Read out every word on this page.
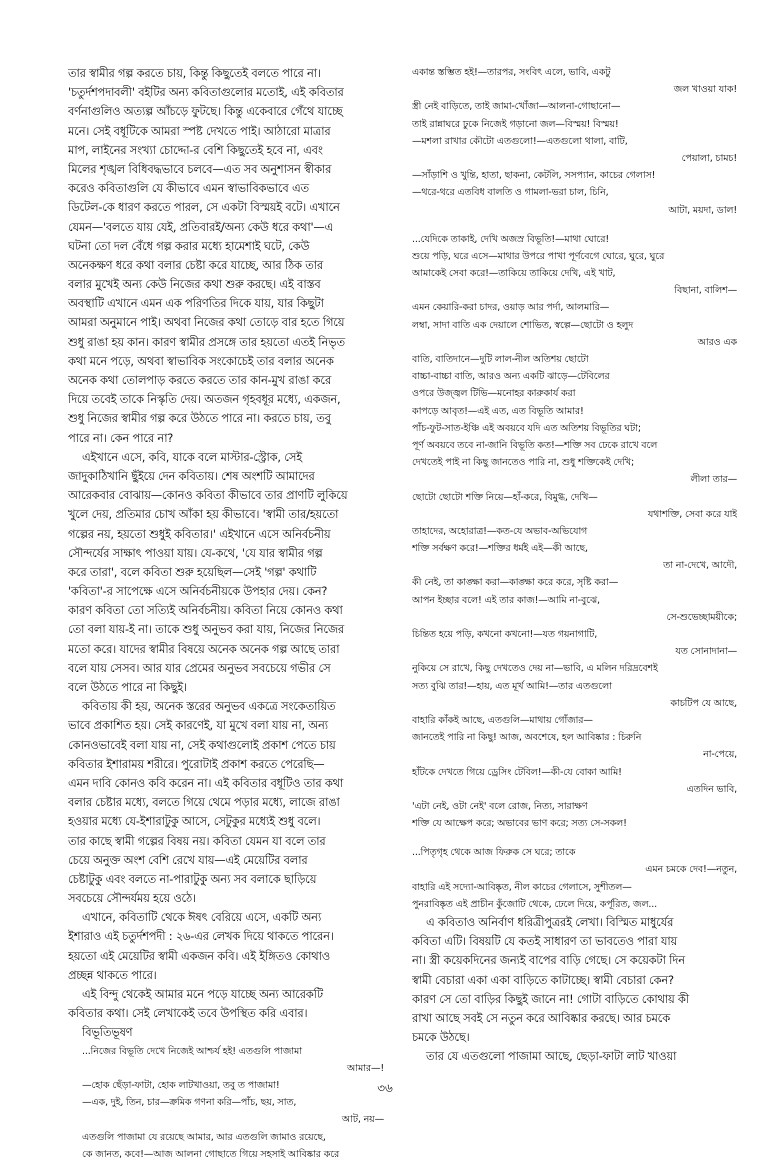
তার স্বামীর গল্প করতে চায়, কিন্তু কিছুতেই বলতে পারে না।
'চতুর্দশপদাবলী' বইটির অন্য কবিতাগুলোর মতোই, এই কবিতার
বর্ণনাগুলিও অত্যল্প আঁচড়ে ফুটছে। কিন্তু একেবারে গেঁথে যাচ্ছে
মনে। সেই বধূটিকে আমরা স্পষ্ট দেখতে পাই। আঠারো মাত্রার
মাপ, লাইনের সংখ্যা চোদ্দো-র বেশি কিছুতেই হবে না, এবং
মিলের শৃঙ্খল বিধিবদ্ধভাবে চলবে—এত সব অনুশাসন স্বীকার
করেও কবিতাগুলি যে কীভাবে এমন স্বাভাবিকভাবে এত
ডিটেল-কে ধারণ করতে পারল, সে একটা বিস্ময়ই বটে। এখানে
যেমন—'বলতে যায় যেই, প্রতিবারই/অন্য কেউ ধরে কথা'—এ
ঘটনা তো দল বেঁধে গল্প করার মধ্যে হামেশাই ঘটে, কেউ
অনেকক্ষণ ধরে কথা বলার চেষ্টা করে যাচ্ছে, আর ঠিক তার
বলার মুখেই অন্য কেউ নিজের কথা শুরু করছে। এই বাস্তব
অবস্থাটি এখানে এমন এক পরিণতির দিকে যায়, যার কিছুটা
আমরা অনুমানে পাই। অথবা নিজের কথা তোড়ে বার হতে গিয়ে
শুধু রাঙা হয় কান। কারণ স্বামীর প্রসঙ্গে তার হয়তো এতই নিভৃত
কথা মনে পড়ে, অথবা স্বাভাবিক সংকোচেই তার বলার অনেক
অনেক কথা তোলপাড় করতে করতে তার কান-মুখ রাঙা করে
দিয়ে তবেই তাকে নিস্কৃতি দেয়। অতজন গৃহবধূর মধ্যে, একজন,
শুধু নিজের স্বামীর গল্প করে উঠতে পারে না। করতে চায়, তবু
পারে না। কেন পারে না?
এইখানে এসে, কবি, যাকে বলে মাস্টার-স্ট্রোক, সেই
জাদুকাঠিখানি ছুঁইয়ে দেন কবিতায়। শেষ অংশটি আমাদের
আরেকবার বোঝায়—কোনও কবিতা কীভাবে তার প্রাণটি লুকিয়ে
খুলে দেয়, প্রতিমার চোখ আঁকা হয় কীভাবে। 'স্বামী তার/হয়তো
গল্পের নয়, হয়তো শুধুই কবিতার।' এইখানে এসে অনির্বচনীয়
সৌন্দর্যের সাক্ষাৎ পাওয়া যায়। যে-কথে, 'যে যার স্বামীর গল্প
করে তারা', বলে কবিতা শুরু হয়েছিল—সেই 'গল্প' কথাটি
'কবিতা'-র সাপেক্ষে এসে অনির্বচনীয়কে উপহার দেয়। কেন?
কারণ কবিতা তো সত্যিই অনির্বচনীয়। কবিতা নিয়ে কোনও কথা
তো বলা যায়-ই না। তাকে শুধু অনুভব করা যায়, নিজের নিজের
মতো করে। যাদের স্বামীর বিষয়ে অনেক অনেক গল্প আছে তারা
বলে যায় সেসব। আর যার প্রেমের অনুভব সবচেয়ে গভীর সে
বলে উঠতে পারে না কিছুই।
কবিতায় কী হয়, অনেক স্তরের অনুভব একত্রে সংকেতায়িত
ভাবে প্রকাশিত হয়। সেই কারণেই, যা মুখে বলা যায় না, অন্য
কোনওভাবেই বলা যায় না, সেই কথাগুলোই প্রকাশ পেতে চায়
কবিতার ইশারাময় শরীরে। পুরোটাই প্রকাশ করতে পেরেছি—
এমন দাবি কোনও কবি করেন না। এই কবিতার বধূটিও তার কথা
বলার চেষ্টার মধ্যে, বলতে গিয়ে থেমে পড়ার মধ্যে, লাজে রাঙা
হওয়ার মধ্যে যে-ইশারাটুকু আসে, সেটুকুর মধ্যেই শুধু বলে।
তার কাছে স্বামী গল্পের বিষয় নয়। কবিতা যেমন যা বলে তার
চেয়ে অনুক্ত অংশ বেশি রেখে যায়—এই মেয়েটির বলার
চেষ্টাটুকু এবং বলতে না-পারাটুকু অন্য সব বলাকে ছাড়িয়ে
সবচেয়ে সৌন্দর্যময় হয়ে ওঠে।
এখানে, কবিতাটি থেকে ঈষৎ বেরিয়ে এসে, একটি অন্য
ইশারাও এই চতুর্দশপদী : ২৬-এর লেখক দিয়ে থাকতে পারেন।
হয়তো এই মেয়েটির স্বামী একজন কবি। এই ইঙ্গিতও কোথাও
প্রচ্ছন্ন থাকতে পারে।
এই বিন্দু থেকেই আমার মনে পড়ে যাচ্ছে অন্য আরেকটি
কবিতার কথা। সেই লেখাকেই তবে উপস্থিত করি এবার।
বিভূতিভূষণ
...নিজের বিভূতি দেখে নিজেই আশ্চর্য হই! এতগুলি পাজামা
আমার—!
—হোক ছেঁড়া-ফাটা, হোক লাটখাওয়া, তবু ত পাজামা!
—এক, দুই, তিন, চার—ক্রমিক গণনা করি—পাঁচ, ছয়, সাত,
আট, নয়—
এতগুলি পাজামা যে রয়েছে আমার, আর এতগুলি জামাও রয়েছে,
কে জানত, কবে!—আজ আলনা গোছাতে গিয়ে সহসাই আবিষ্কার করে
একান্ত স্তম্ভিত হই!—তারপর, সংবিৎ এলে, ভাবি, একটু
জল খাওয়া যাক!
স্ত্রী নেই বাড়িতে, তাই জামা-খোঁজা—আলনা-গোছানো—
তাই রান্নাঘরে ঢুকে নিজেই গড়ানো জল—বিস্ময়! বিস্ময়!
—মশলা রাখার কৌটো এতগুলো!—এতগুলো থালা, বাটি,
পেয়ালা, চামচ!
—সাঁড়াশি ও খুন্তি, হাতা, ছাকনা, কেটলি, সসপ্যান, কাচের গেলাস!
—থরে-থরে এতবিধ বালতি ও গামলা-ভরা চাল, চিনি,
আটা, ময়দা, ডাল!
...যেদিকে তাকাই, দেখি অজস্র বিভূতি!—মাথা ঘোরে!
শুয়ে পড়ি, ঘরে এসে—মাথার উপরে পাখা পূর্ণবেগে ঘোরে, ঘুরে, ঘুরে
আমাকেই সেবা করে!—তাকিয়ে তাকিয়ে দেখি, এই খাট,
বিছানা, বালিশ—
এমন কেয়ারি-করা চাদর, ওয়াড় আর পর্দা, আলমারি—
লম্বা, সাদা বাতি এক দেয়ালে শোভিত, স্বল্পে—ছোটো ও হলুদ
আরও এক
বাতি, বাতিদানে—দুটি লাল-নীল অতিশয় ছোটো
বাচ্চা-বাচ্চা বাতি, আরও অন্য একটি ঝাড়ে—টেবিলের
ওপরে উজ্জ্বল টিভি—মনোহর কারুকার্য করা
কাপড়ে আবৃত!—এই এত, এত বিভূতি আমার!
পাঁচ-ফুট-সাত-ইঞ্চি এই অবয়বে যদি এত অতিশয় বিভূতির ঘটা;
পূর্ণ অবয়বে তবে না-জানি বিভূতি কত!—শক্তি সব ঢেকে রাখে বলে
দেখতেই পাই না কিছু জানতেও পারি না, শুধু শক্তিকেই দেখি;
লীলা তার—
ছোটো ছোটো শক্তি নিয়ে—হাঁ-করে, বিমুগ্ধ, দেখি—
যথাশক্তি, সেবা করে যাই
তাহাদের, অহোরাত্র!—কত-যে অভাব-অভিযোগ
শক্তি সর্বক্ষণ করে!—শক্তির ধর্মই এই—কী আছে,
তা না-দেখে, আদৌ,
কী নেই, তা কাঙ্ক্ষা করা—কাঙ্ক্ষা করে করে, সৃষ্টি করা—
আপন ইচ্ছার বলে! এই তার কাজ!—আমি না-বুঝে,
সে-শুভেচ্ছাময়ীকে;
চিন্তিত হয়ে পড়ি, কখনো কখনো!—যত গয়নাগাটি,
যত সোনাদানা—
নুকিয়ে সে রাখে, কিছু দেখতেও দেয় না—ভাবি, এ মলিন দরিদ্রবেশই
সত্য বুঝি তার!—হায়, এত মূর্খ আমি!—তার এতগুলো
কাচটিপ যে আছে,
বাহারি কাঁকই আছে, এতগুলি—মাথায় গোঁজার—
জানতেই পারি না কিছু! আজ, অবশেষে, হল আবিষ্কার : চিরুনি
না-পেয়ে,
হাঁটকে দেখতে গিয়ে ড্রেসিং টেবিল!—কী-যে বোকা আমি!
এতদিন ভাবি,
'এটা নেই, ওটা নেই' বলে রোজ, নিত্য, সারাক্ষণ
শক্তি যে আক্ষেপ করে; অভাবের ভাণ করে; সত্য সে-সকল!
...পিতৃগৃহ থেকে আজ ফিরুক সে ঘরে; তাকে
এমন চমকে দেব!—নতুন,
বাহারি এই সদ্যো-আবিষ্কৃত, নীল কাচের গেলাসে, সুশীতল—
পুনরাবিষ্কৃত এই প্রাচীন কুঁজোটি থেকে, ঢেলে দিয়ে, কর্পূরিত, জল...
এ কবিতাও অনির্বাণ ধরিত্রীপুত্ররই লেখা। বিস্মিত মাধুর্যের
কবিতা এটি। বিষয়টি যে কতই সাধারণ তা ভাবতেও পারা যায়
না। স্ত্রী কয়েকদিনের জন্যই বাপের বাড়ি গেছে। সে কয়েকটা দিন
স্বামী বেচারা একা একা বাড়িতে কাটাচ্ছে। স্বামী বেচারা কেন?
কারণ সে তো বাড়ির কিছুই জানে না! গোটা বাড়িতে কোথায় কী
রাখা আছে সবই সে নতুন করে আবিষ্কার করছে। আর চমকে
চমকে উঠছে।
তার যে এতগুলো পাজামা আছে, ছেড়া-ফাটা লাট খাওয়া
৩৬
